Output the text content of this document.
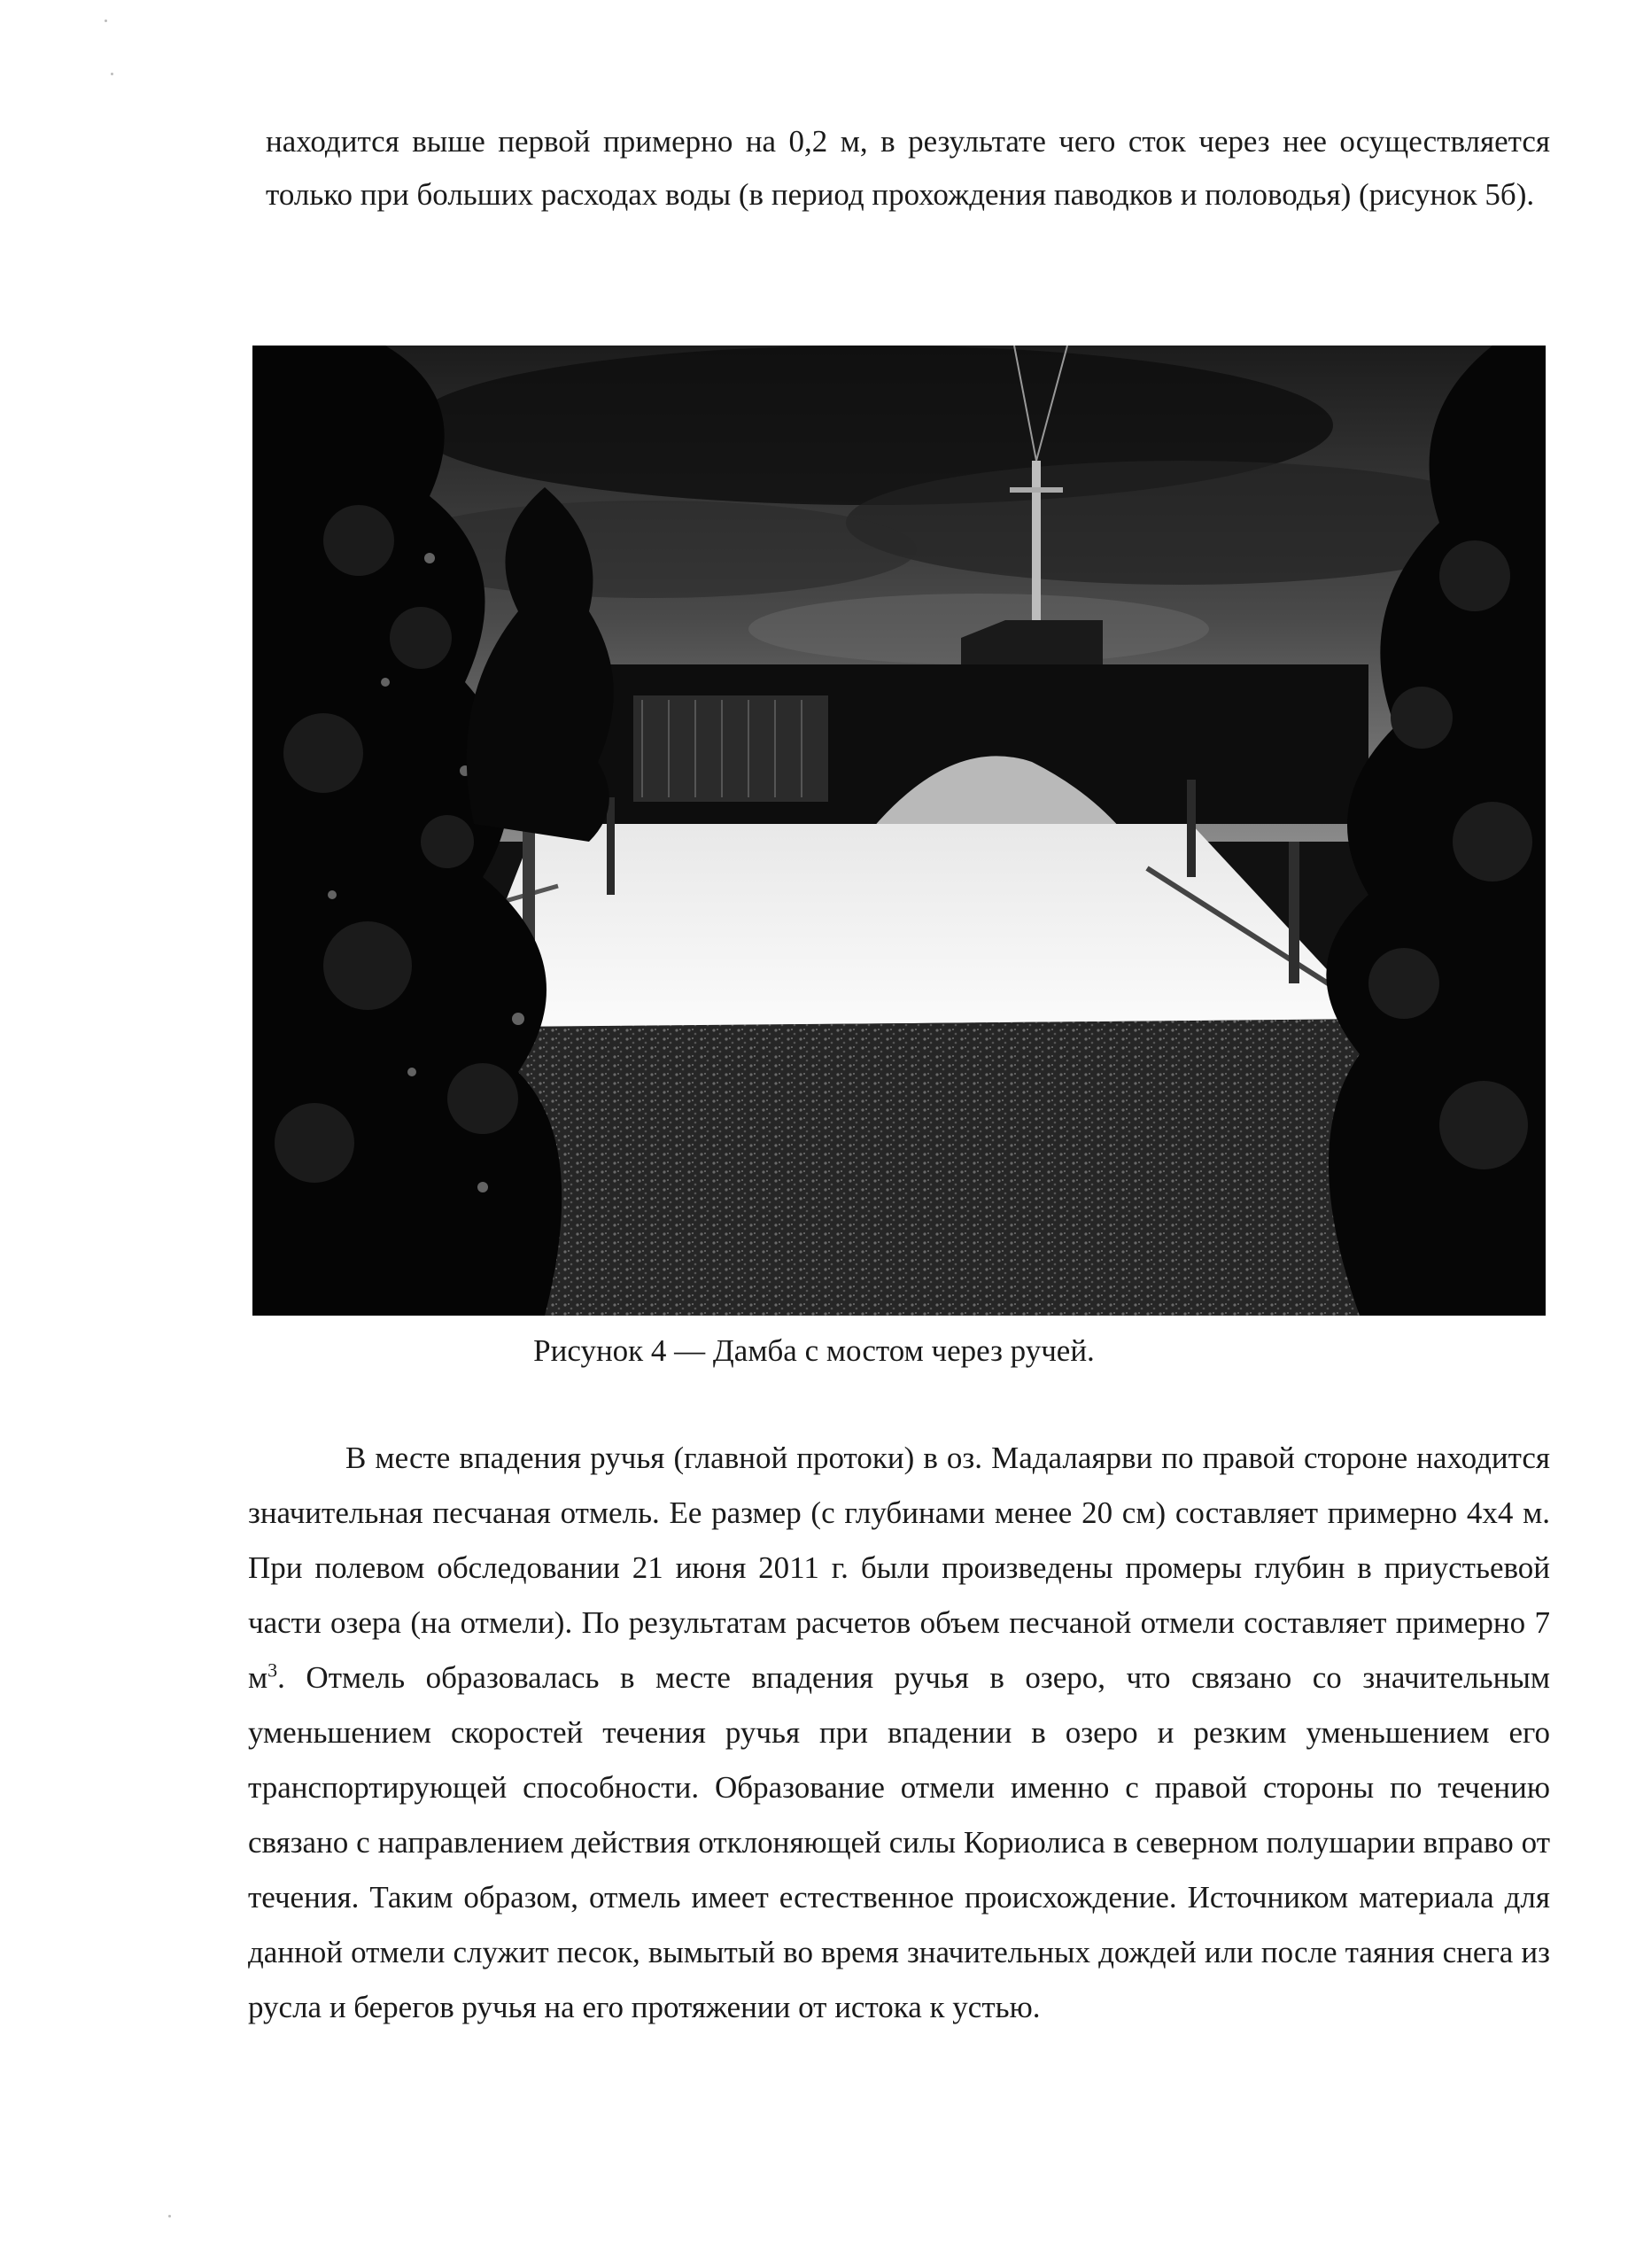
находится выше первой примерно на 0,2 м, в результате чего сток через нее осуществляется только при больших расходах воды (в период прохождения паводков и половодья) (рисунок 5б).

Рисунок 4 — Дамба с мостом через ручей.

В месте впадения ручья (главной протоки) в оз. Мадалаярви по правой стороне находится значительная песчаная отмель. Ее размер (с глубинами менее 20 см) составляет примерно 4х4 м. При полевом обследовании 21 июня 2011 г. были произведены промеры глубин в приустьевой части озера (на отмели). По результатам расчетов объем песчаной отмели составляет примерно 7 $м^3$. Отмель образовалась в месте впадения ручья в озеро, что связано со значительным уменьшением скоростей течения ручья при впадении в озеро и резким уменьшением его транспортирующей способности. Образование отмели именно с правой стороны по течению связано с направлением действия отклоняющей силы Кориолиса в северном полушарии вправо от течения. Таким образом, отмель имеет естественное происхождение. Источником материала для данной отмели служит песок, вымытый во время значительных дождей или после таяния снега из русла и берегов ручья на его протяжении от истока к устью.
